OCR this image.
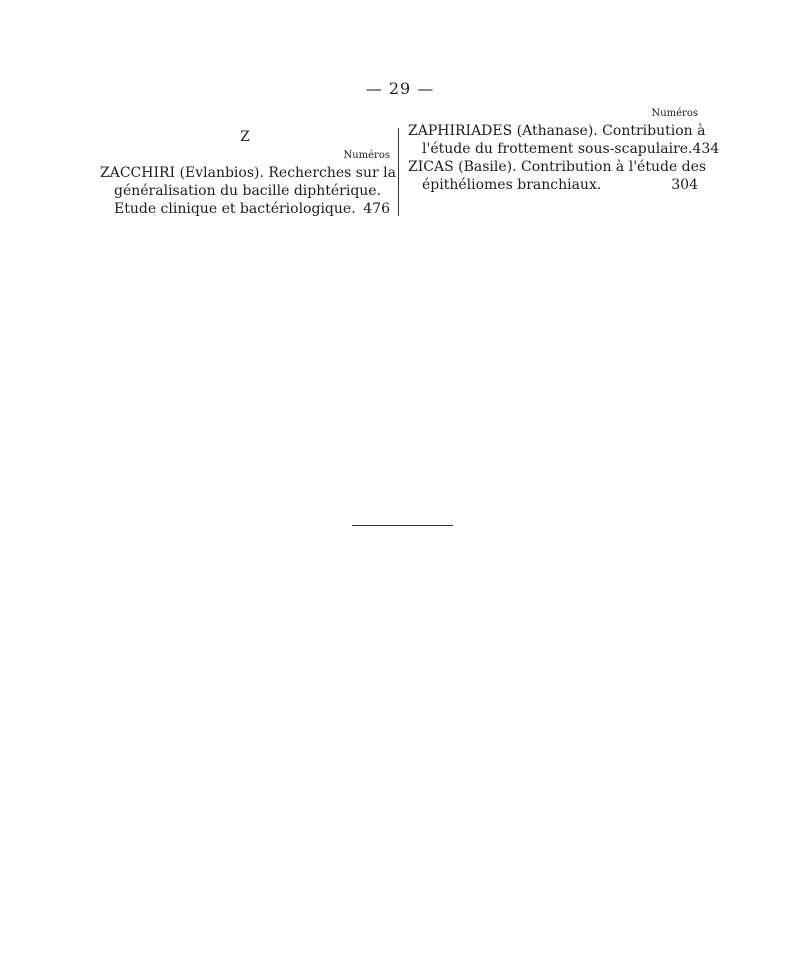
— 29 —
Z
Numéros
ZACCHIRI (Evlanbios). Recherches sur la
généralisation du bacille diphtérique.
Etude clinique et bactériologique. 476
Numéros
ZAPHIRIADES (Athanase). Contribution à
l'étude du frottement sous-scapulaire. 434
ZICAS (Basile). Contribution à l'étude des
épithéliomes branchiaux.	304
